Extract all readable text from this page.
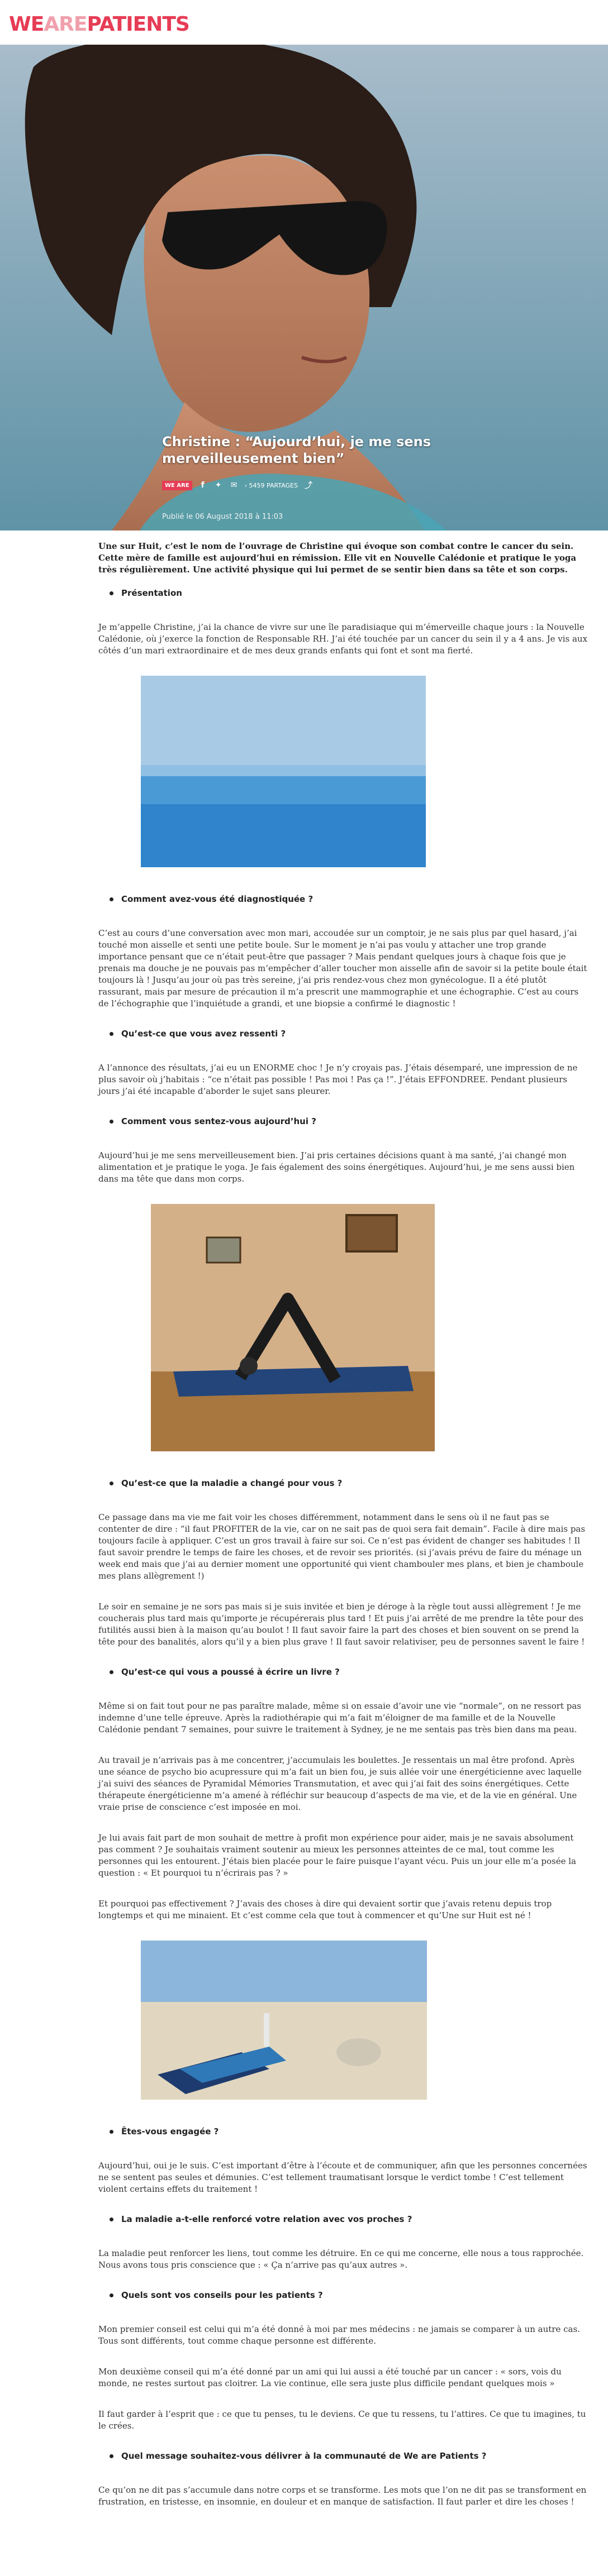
WEAREPATIENTS
Christine : “Aujourd’hui, je me sens merveilleusement bien”
WE ARE	f	✦ ✉ › 5459 PARTAGES ⤴
Publié le 06 August 2018 à 11:03

Une sur Huit, c’est le nom de l’ouvrage de Christine qui évoque son combat contre le cancer du sein. Cette mère de famille est aujourd’hui en rémission. Elle vit en Nouvelle Calédonie et pratique le yoga très régulièrement. Une activité physique qui lui permet de se sentir bien dans sa tête et son corps.

Présentation

Je m’appelle Christine, j’ai la chance de vivre sur une île paradisiaque qui m’émerveille chaque jours : la Nouvelle Calédonie, où j’exerce la fonction de Responsable RH. J’ai été touchée par un cancer du sein il y a 4 ans. Je vis aux côtés d’un mari extraordinaire et de mes deux grands enfants qui font et sont ma fierté.

Comment avez-vous été diagnostiquée ?

C’est au cours d’une conversation avec mon mari, accoudée sur un comptoir, je ne sais plus par quel hasard, j’ai touché mon aisselle et senti une petite boule. Sur le moment je n’ai pas voulu y attacher une trop grande importance pensant que ce n’était peut-être que passager ? Mais pendant quelques jours à chaque fois que je prenais ma douche je ne pouvais pas m’empêcher d’aller toucher mon aisselle afin de savoir si la petite boule était toujours là ! Jusqu’au jour où pas très sereine, j’ai pris rendez-vous chez mon gynécologue. Il a été plutôt rassurant, mais par mesure de précaution il m’a prescrit une mammographie et une échographie. C’est au cours de l’échographie que l’inquiétude a grandi, et une biopsie a confirmé le diagnostic !

Qu’est-ce que vous avez ressenti ?

A l’annonce des résultats, j’ai eu un ENORME choc ! Je n’y croyais pas. J’étais désemparé, une impression de ne plus savoir où j’habitais : “ce n’était pas possible ! Pas moi ! Pas ça !”. J’étais EFFONDREE. Pendant plusieurs jours j’ai été incapable d’aborder le sujet sans pleurer.

Comment vous sentez-vous aujourd’hui ?

Aujourd’hui je me sens merveilleusement bien. J’ai pris certaines décisions quant à ma santé, j’ai changé mon alimentation et je pratique le yoga. Je fais également des soins énergétiques. Aujourd’hui, je me sens aussi bien dans ma tête que dans mon corps.

Qu’est-ce que la maladie a changé pour vous ?

Ce passage dans ma vie me fait voir les choses différemment, notamment dans le sens où il ne faut pas se contenter de dire : “il faut PROFITER de la vie, car on ne sait pas de quoi sera fait demain”. Facile à dire mais pas toujours facile à appliquer. C’est un gros travail à faire sur soi. Ce n’est pas évident de changer ses habitudes ! Il faut savoir prendre le temps de faire les choses, et de revoir ses priorités. (si j’avais prévu de faire du ménage un week end mais que j’ai au dernier moment une opportunité qui vient chambouler mes plans, et bien je chamboule mes plans allègrement !)

Le soir en semaine je ne sors pas mais si je suis invitée et bien je déroge à la règle tout aussi allègrement ! Je me coucherais plus tard mais qu’importe je récupérerais plus tard ! Et puis j’ai arrêté de me prendre la tête pour des futilités aussi bien à la maison qu’au boulot ! Il faut savoir faire la part des choses et bien souvent on se prend la tête pour des banalités, alors qu’il y a bien plus grave ! Il faut savoir relativiser, peu de personnes savent le faire !

Qu’est-ce qui vous a poussé à écrire un livre ?

Même si on fait tout pour ne pas paraître malade, même si on essaie d’avoir une vie “normale”, on ne ressort pas indemne d’une telle épreuve. Après la radiothérapie qui m’a fait m’éloigner de ma famille et de la Nouvelle Calédonie pendant 7 semaines, pour suivre le traitement à Sydney, je ne me sentais pas très bien dans ma peau.

Au travail je n’arrivais pas à me concentrer, j’accumulais les boulettes. Je ressentais un mal être profond. Après une séance de psycho bio acupressure qui m’a fait un bien fou, je suis allée voir une énergéticienne avec laquelle j’ai suivi des séances de Pyramidal Mémories Transmutation, et avec qui j’ai fait des soins énergétiques. Cette thérapeute énergéticienne m’a amené à réfléchir sur beaucoup d’aspects de ma vie, et de la vie en général. Une vraie prise de conscience c’est imposée en moi.

Je lui avais fait part de mon souhait de mettre à profit mon expérience pour aider, mais je ne savais absolument pas comment ? Je souhaitais vraiment soutenir au mieux les personnes atteintes de ce mal, tout comme les personnes qui les entourent. J’étais bien placée pour le faire puisque l’ayant vécu. Puis un jour elle m’a posée la question : « Et pourquoi tu n’écrirais pas ? »

Et pourquoi pas effectivement ? J’avais des choses à dire qui devaient sortir que j’avais retenu depuis trop longtemps et qui me minaient. Et c’est comme cela que tout à commencer et qu’Une sur Huit est né !

Êtes-vous engagée ?

Aujourd’hui, oui je le suis. C’est important d’être à l’écoute et de communiquer, afin que les personnes concernées ne se sentent pas seules et démunies. C’est tellement traumatisant lorsque le verdict tombe ! C’est tellement violent certains effets du traitement !

La maladie a-t-elle renforcé votre relation avec vos proches ?

La maladie peut renforcer les liens, tout comme les détruire. En ce qui me concerne, elle nous a tous rapprochée. Nous avons tous pris conscience que : « Ça n’arrive pas qu’aux autres ».

Quels sont vos conseils pour les patients ?

Mon premier conseil est celui qui m’a été donné à moi par mes médecins : ne jamais se comparer à un autre cas. Tous sont différents, tout comme chaque personne est différente.

Mon deuxième conseil qui m’a été donné par un ami qui lui aussi a été touché par un cancer : « sors, vois du monde, ne restes surtout pas cloitrer. La vie continue, elle sera juste plus difficile pendant quelques mois »

Il faut garder à l’esprit que : ce que tu penses, tu le deviens. Ce que tu ressens, tu l’attires. Ce que tu imagines, tu le crées.

Quel message souhaitez-vous délivrer à la communauté de We are Patients ?

Ce qu’on ne dit pas s’accumule dans notre corps et se transforme. Les mots que l’on ne dit pas se transforment en frustration, en tristesse, en insomnie, en douleur et en manque de satisfaction. Il faut parler et dire les choses !
